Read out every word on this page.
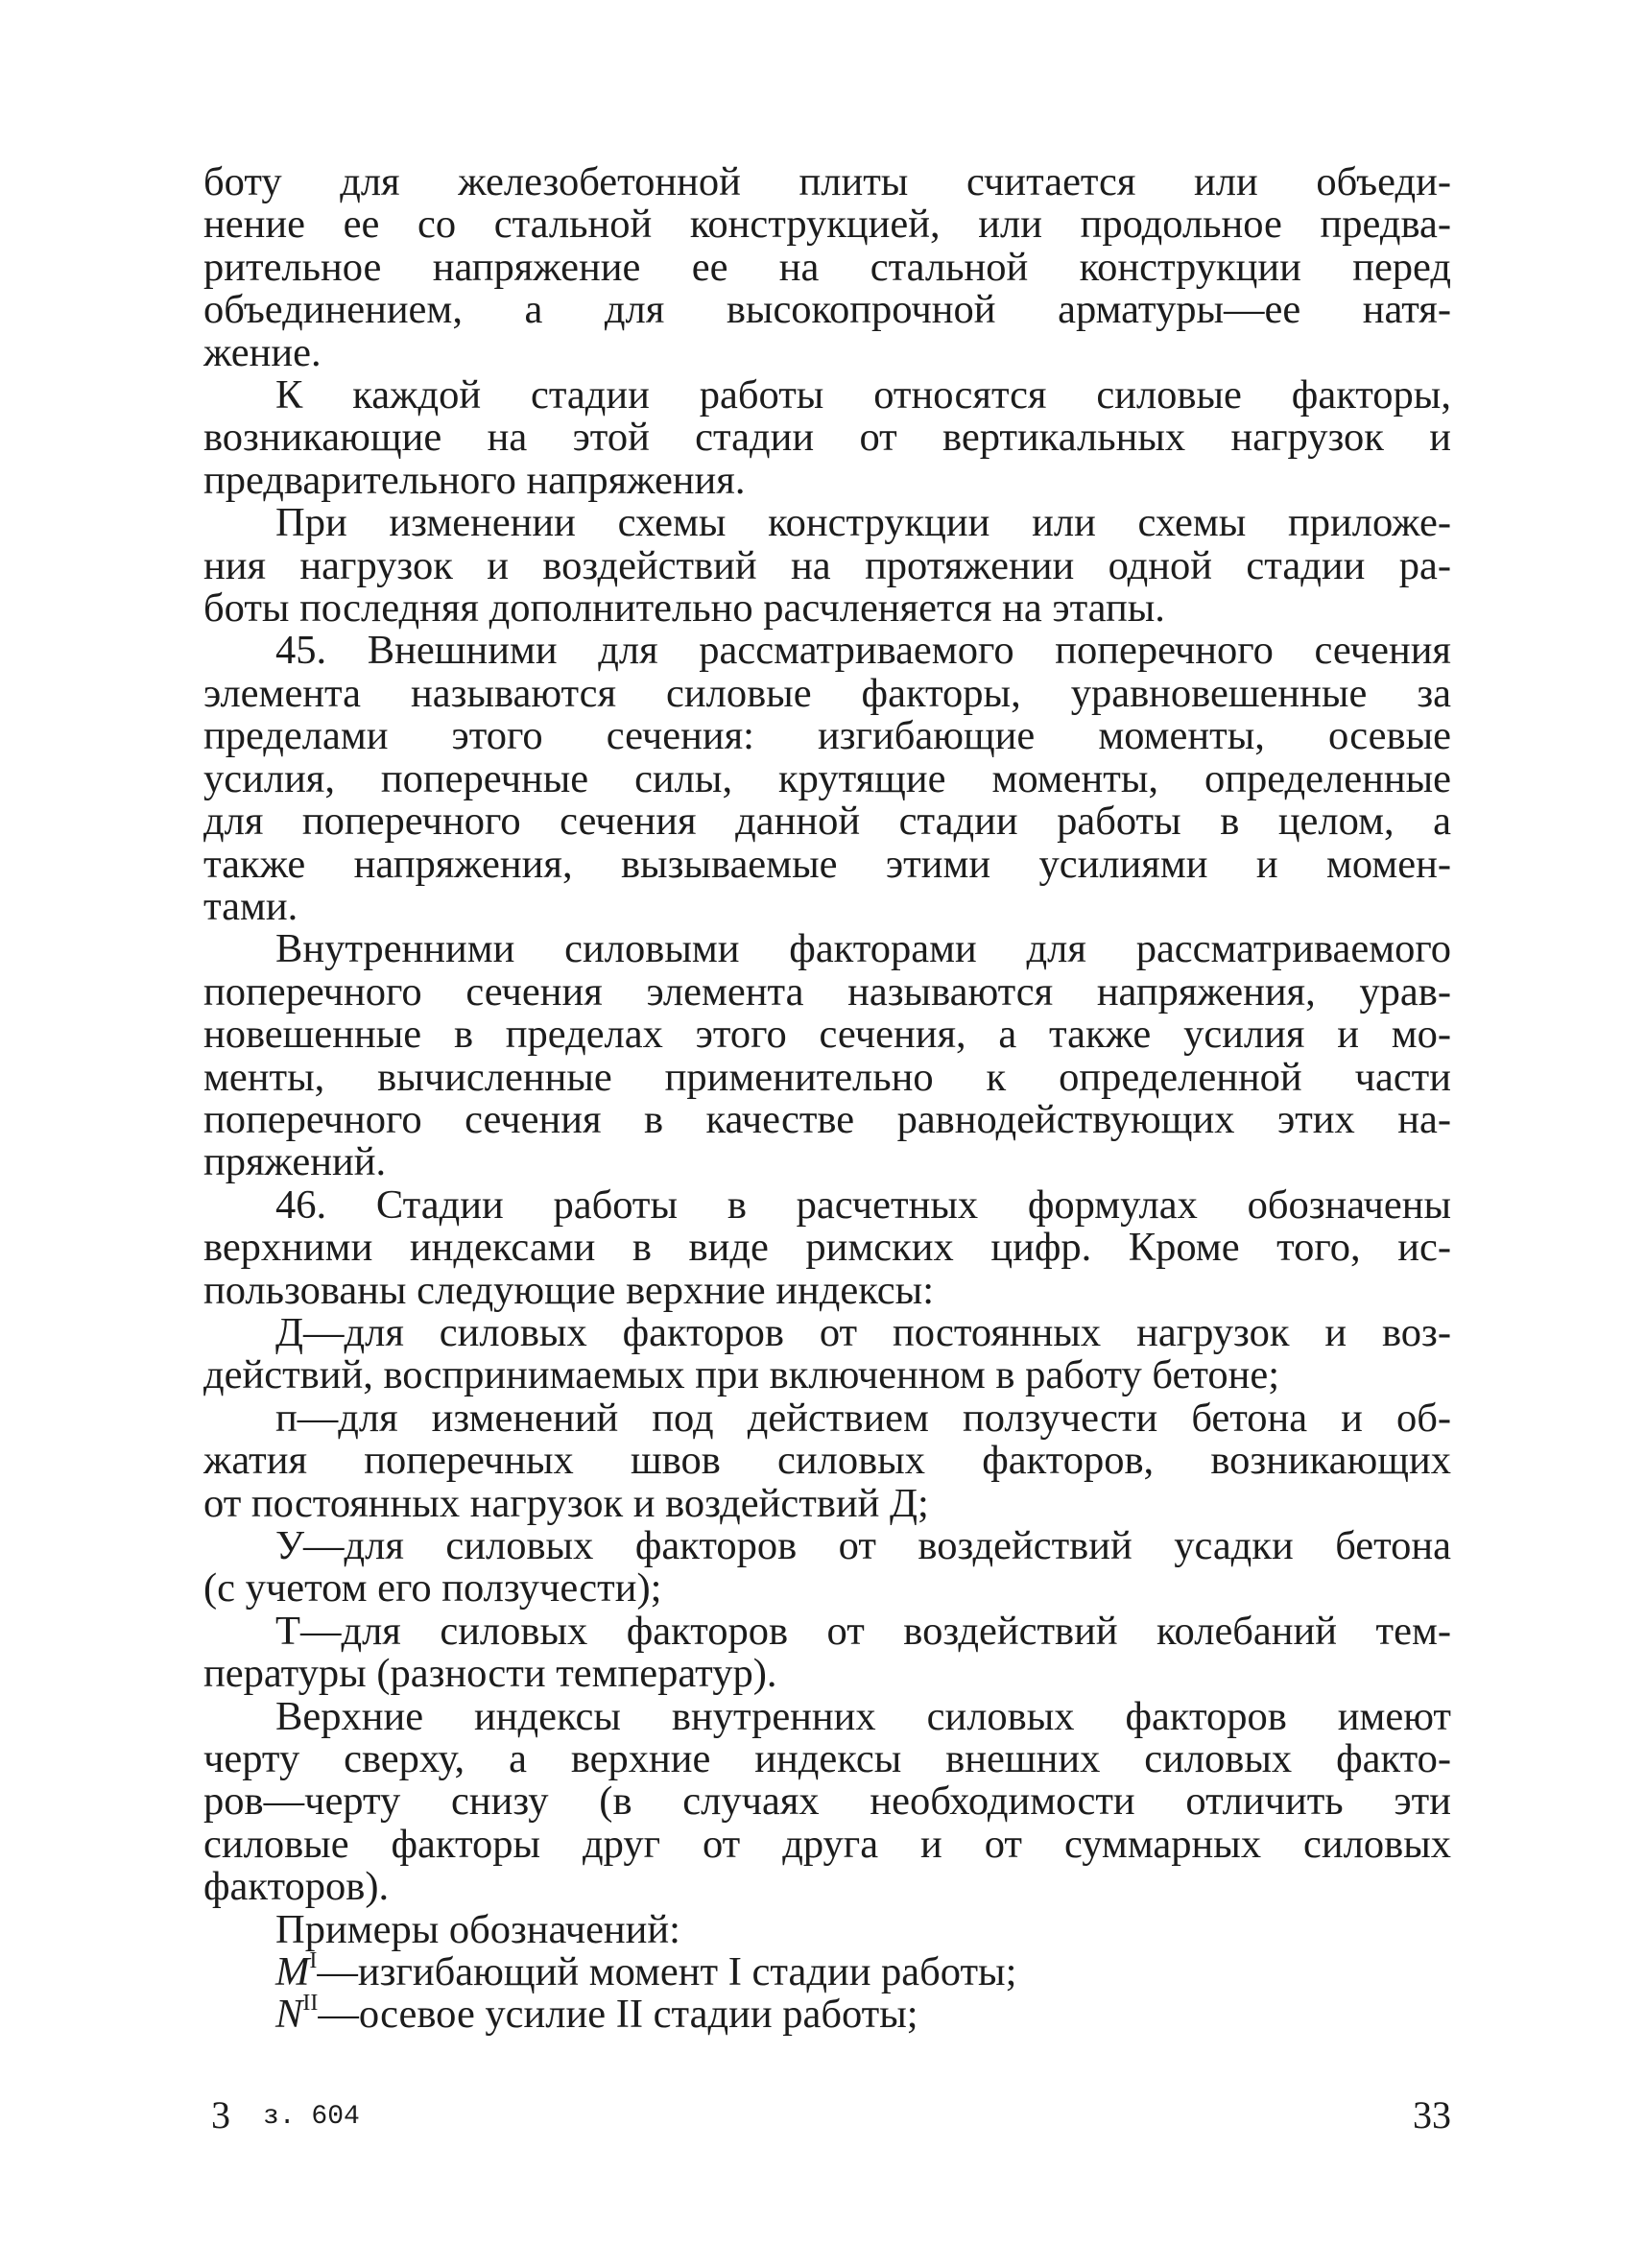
боту для железобетонной плиты считается или объеди-
нение ее со стальной конструкцией, или продольное предва-
рительное напряжение ее на стальной конструкции перед
объединением, а для высокопрочной арматуры—ее натя-
жение.
К каждой стадии работы относятся силовые факторы,
возникающие на этой стадии от вертикальных нагрузок и
предварительного напряжения.
При изменении схемы конструкции или схемы приложе-
ния нагрузок и воздействий на протяжении одной стадии ра-
боты последняя дополнительно расчленяется на этапы.
45. Внешними для рассматриваемого поперечного сечения
элемента называются силовые факторы, уравновешенные за
пределами этого сечения: изгибающие моменты, осевые
усилия, поперечные силы, крутящие моменты, определенные
для поперечного сечения данной стадии работы в целом, а
также напряжения, вызываемые этими усилиями и момен-
тами.
Внутренними силовыми факторами для рассматриваемого
поперечного сечения элемента называются напряжения, урав-
новешенные в пределах этого сечения, а также усилия и мо-
менты, вычисленные применительно к определенной части
поперечного сечения в качестве равнодействующих этих на-
пряжений.
46. Стадии работы в расчетных формулах обозначены
верхними индексами в виде римских цифр. Кроме того, ис-
пользованы следующие верхние индексы:
Д—для силовых факторов от постоянных нагрузок и воз-
действий, воспринимаемых при включенном в работу бетоне;
п—для изменений под действием ползучести бетона и об-
жатия поперечных швов силовых факторов, возникающих
от постоянных нагрузок и воздействий Д;
У—для силовых факторов от воздействий усадки бетона
(с учетом его ползучести);
Т—для силовых факторов от воздействий колебаний тем-
пературы (разности температур).
Верхние индексы внутренних силовых факторов имеют
черту сверху, а верхние индексы внешних силовых факто-
ров—черту снизу (в случаях необходимости отличить эти
силовые факторы друг от друга и от суммарных силовых
факторов).
Примеры обозначений:
$M^I—изгибающий$ момент I стадии работы;
$N^{II}—осевое$ усилие II стадии работы;
3 з. 604	33
